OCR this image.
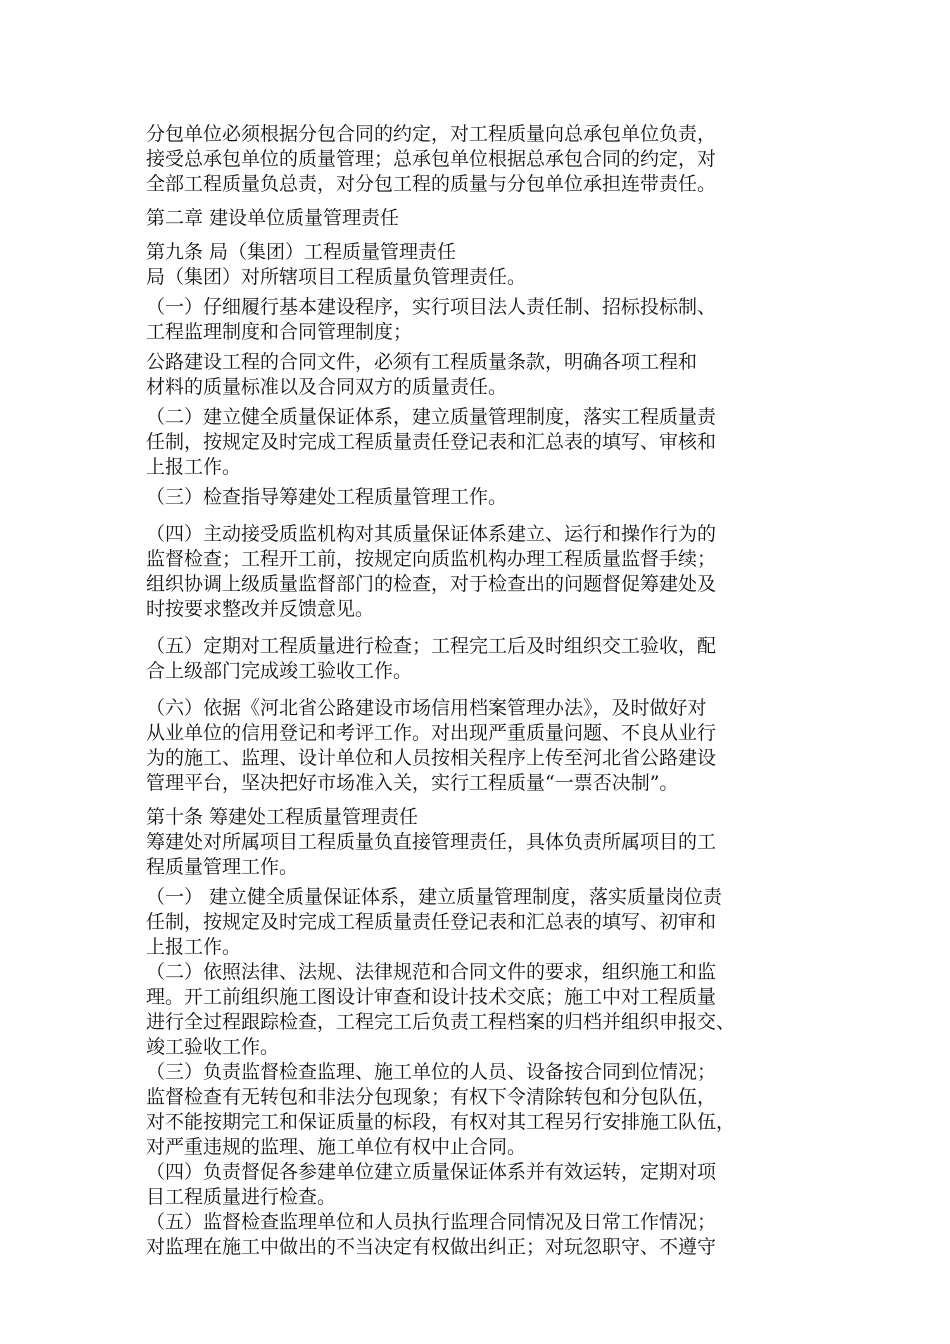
分包单位必须根据分包合同的约定，对工程质量向总承包单位负责，
接受总承包单位的质量管理；总承包单位根据总承包合同的约定，对
全部工程质量负总责，对分包工程的质量与分包单位承担连带责任。
第二章 建设单位质量管理责任
第九条 局（集团）工程质量管理责任
局（集团）对所辖项目工程质量负管理责任。
（一）仔细履行基本建设程序，实行项目法人责任制、招标投标制、
工程监理制度和合同管理制度；
公路建设工程的合同文件，必须有工程质量条款，明确各项工程和
材料的质量标准以及合同双方的质量责任。
（二）建立健全质量保证体系，建立质量管理制度，落实工程质量责
任制，按规定及时完成工程质量责任登记表和汇总表的填写、审核和
上报工作。
（三）检查指导筹建处工程质量管理工作。
（四）主动接受质监机构对其质量保证体系建立、运行和操作行为的
监督检查；工程开工前，按规定向质监机构办理工程质量监督手续；
组织协调上级质量监督部门的检查，对于检查出的问题督促筹建处及
时按要求整改并反馈意见。
（五）定期对工程质量进行检查；工程完工后及时组织交工验收，配
合上级部门完成竣工验收工作。
（六）依据《河北省公路建设市场信用档案管理办法》，及时做好对
从业单位的信用登记和考评工作。对出现严重质量问题、不良从业行
为的施工、监理、设计单位和人员按相关程序上传至河北省公路建设
管理平台，坚决把好市场准入关，实行工程质量“一票否决制”。
第十条 筹建处工程质量管理责任
筹建处对所属项目工程质量负直接管理责任，具体负责所属项目的工
程质量管理工作。
（一） 建立健全质量保证体系，建立质量管理制度，落实质量岗位责
任制，按规定及时完成工程质量责任登记表和汇总表的填写、初审和
上报工作。
（二）依照法律、法规、法律规范和合同文件的要求，组织施工和监
理。开工前组织施工图设计审查和设计技术交底；施工中对工程质量
进行全过程跟踪检查，工程完工后负责工程档案的归档并组织申报交、
竣工验收工作。
（三）负责监督检查监理、施工单位的人员、设备按合同到位情况；
监督检查有无转包和非法分包现象；有权下令清除转包和分包队伍，
对不能按期完工和保证质量的标段，有权对其工程另行安排施工队伍，
对严重违规的监理、施工单位有权中止合同。
（四）负责督促各参建单位建立质量保证体系并有效运转，定期对项
目工程质量进行检查。
（五）监督检查监理单位和人员执行监理合同情况及日常工作情况；
对监理在施工中做出的不当决定有权做出纠正；对玩忽职守、不遵守
